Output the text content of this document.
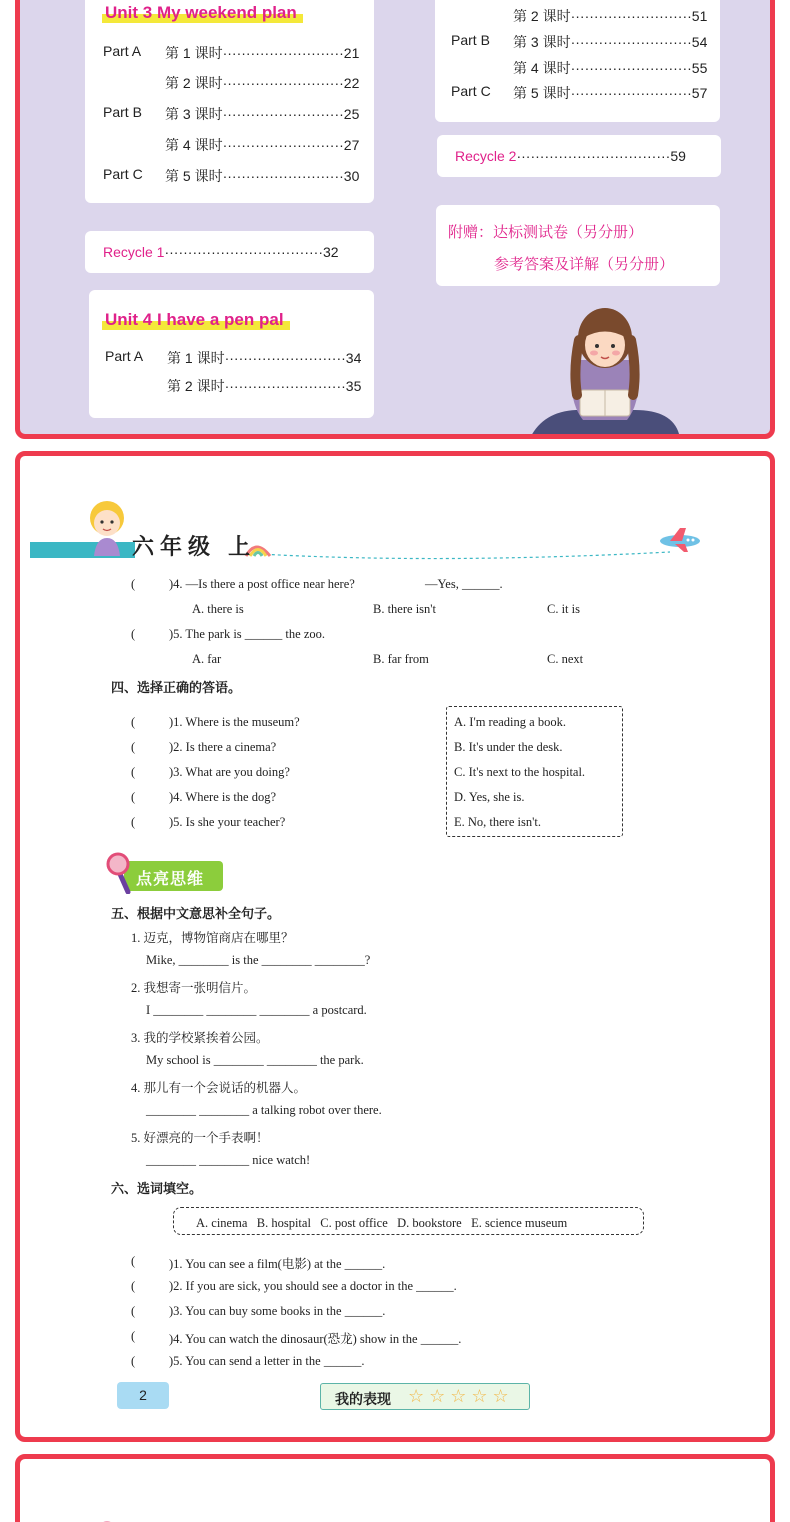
Unit 3 My weekend plan
Part A 第 1 课时··························21
第 2 课时··························22
Part B 第 3 课时··························25
第 4 课时··························27
Part C 第 5 课时··························30
Recycle 1··································32
Unit 4 I have a pen pal
Part A 第 1 课时··························34
第 2 课时··························35
第 2 课时··························51
Part B 第 3 课时··························54
第 4 课时··························55
Part C 第 5 课时··························57
Recycle 2·································59
附赠：达标测试卷（另分册）
参考答案及详解（另分册）
六年级 上
(	)4. —Is there a post office near here?	—Yes, ______.
A. there is	B. there isn't	C. it is
(	)5. The park is ______ the zoo.
A. far	B. far from	C. next
四、选择正确的答语。
(	)1. Where is the museum?
(	)2. Is there a cinema?
(	)3. What are you doing?
(	)4. Where is the dog?
(	)5. Is she your teacher?
A. I'm reading a book.
B. It's under the desk.
C. It's next to the hospital.
D. Yes, she is.
E. No, there isn't.
点亮思维
五、根据中文意思补全句子。
1. 迈克，博物馆商店在哪里？
Mike, ________ is the ________ ________?
2. 我想寄一张明信片。
I ________ ________ ________ a postcard.
3. 我的学校紧挨着公园。
My school is ________ ________ the park.
4. 那儿有一个会说话的机器人。
________ ________ a talking robot over there.
5. 好漂亮的一个手表啊！
________ ________ nice watch!
六、选词填空。
A. cinema   B. hospital   C. post office   D. bookstore   E. science museum
(	)1. You can see a film(电影) at the ______.
(	)2. If you are sick, you should see a doctor in the ______.
(	)3. You can buy some books in the ______.
(	)4. You can watch the dinosaur(恐龙) show in the ______.
(	)5. You can send a letter in the ______.
2	我的表现 ☆ ☆ ☆ ☆ ☆
